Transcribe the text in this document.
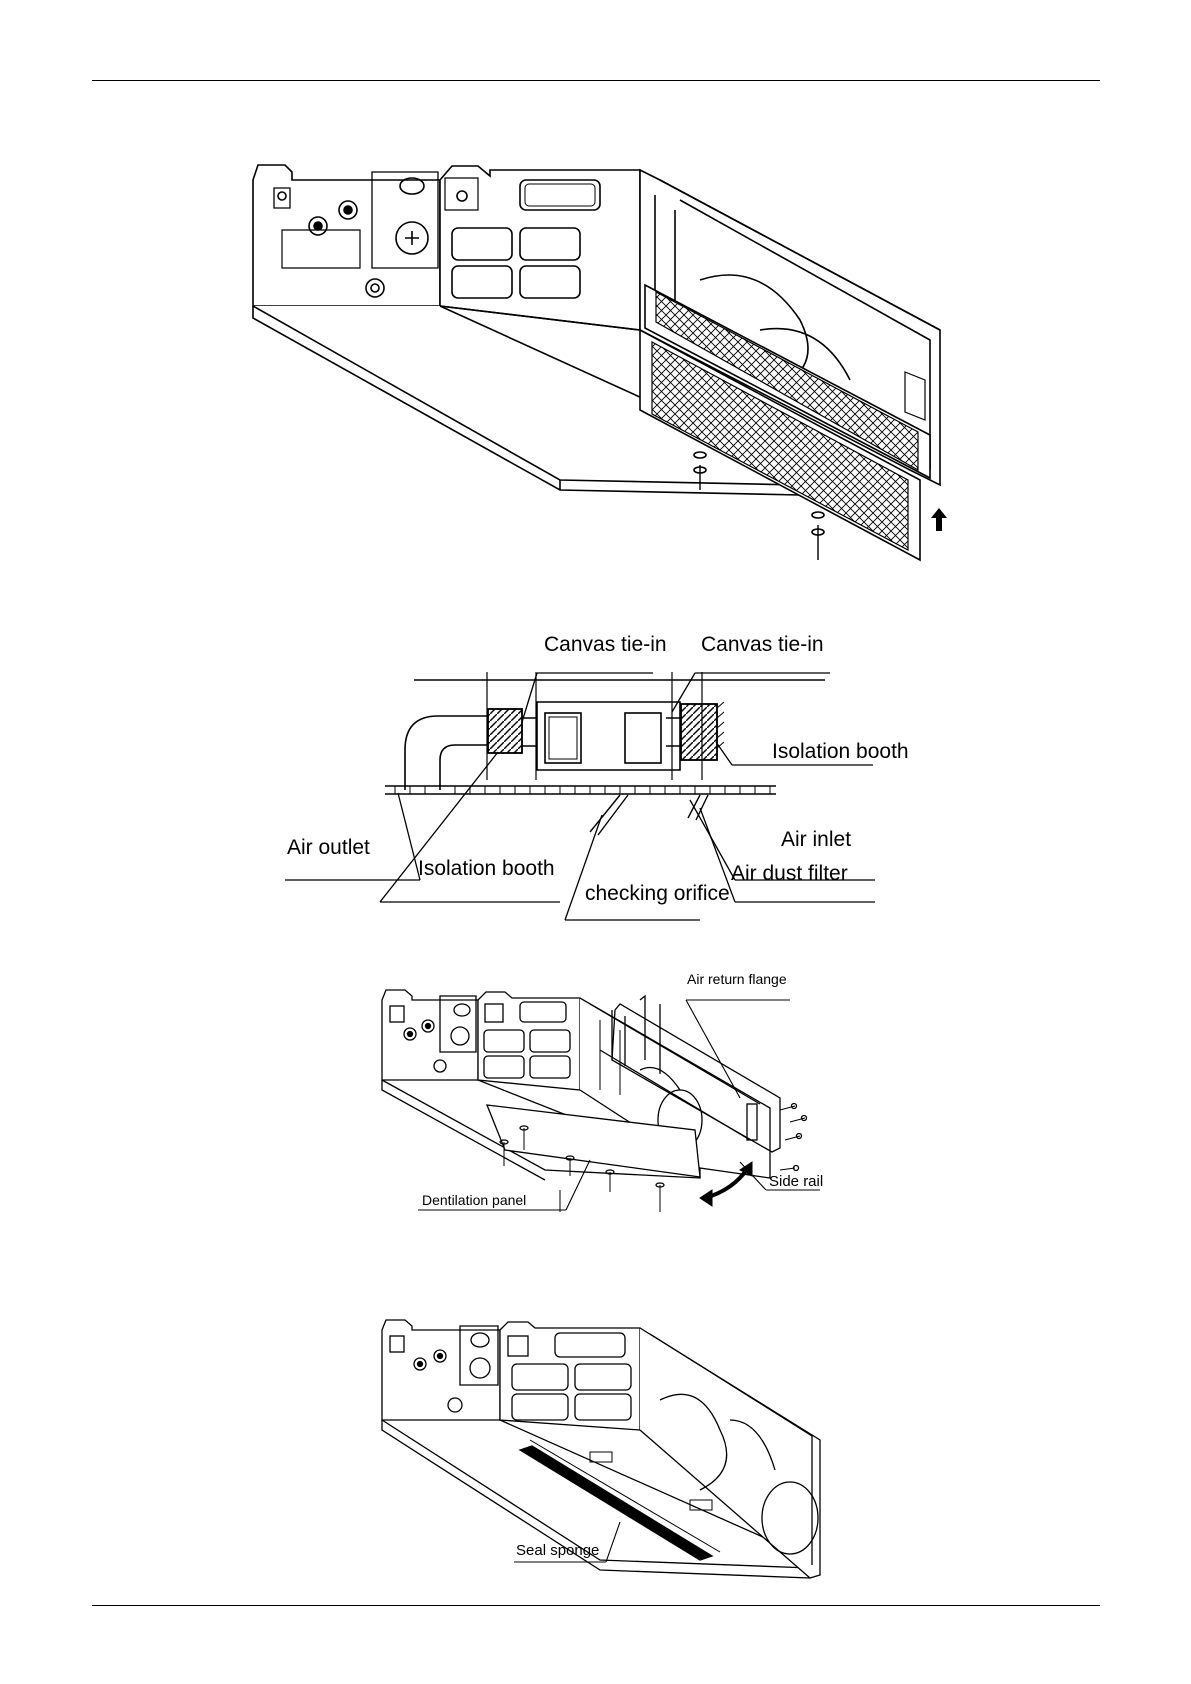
Canvas tie-in Canvas tie-in
Isolation booth
Air outlet
Isolation booth
checking orifice
Air inlet
Air dust filter
Air return flange
Side rail
Dentilation panel
Seal sponge
